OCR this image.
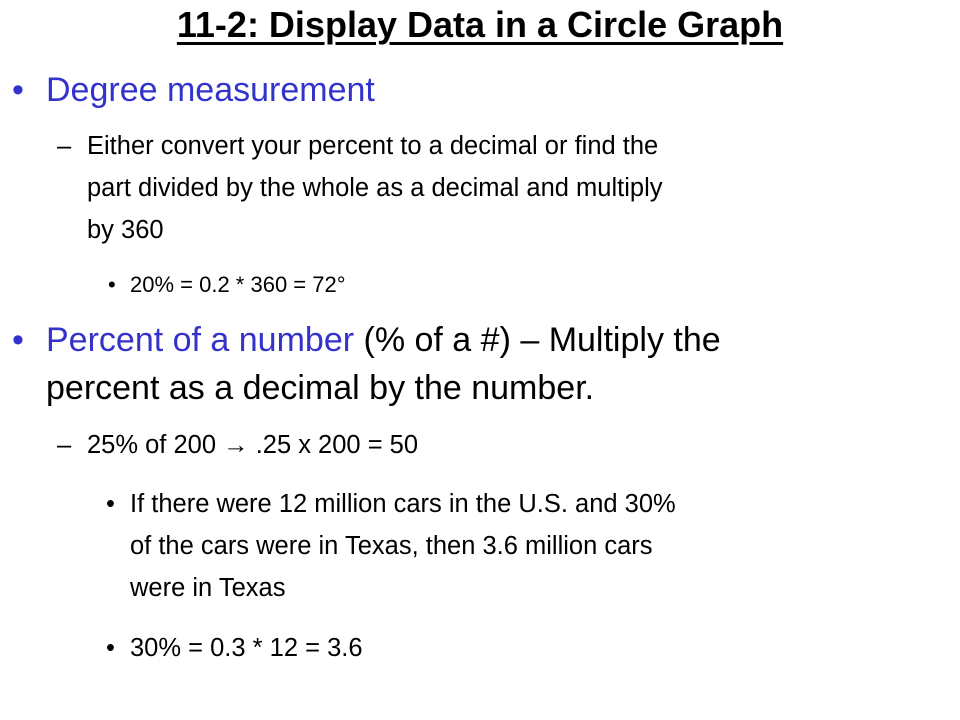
11-2: Display Data in a Circle Graph
• Degree measurement
– Either convert your percent to a decimal or find the
part divided by the whole as a decimal and multiply
by 360
• 20% = 0.2 * 360 = 72°
• Percent of a number (% of a #) – Multiply the
percent as a decimal by the number.
– 25% of 200 → .25 x 200 = 50
• If there were 12 million cars in the U.S. and 30%
of the cars were in Texas, then 3.6 million cars
were in Texas
• 30% = 0.3 * 12 = 3.6
